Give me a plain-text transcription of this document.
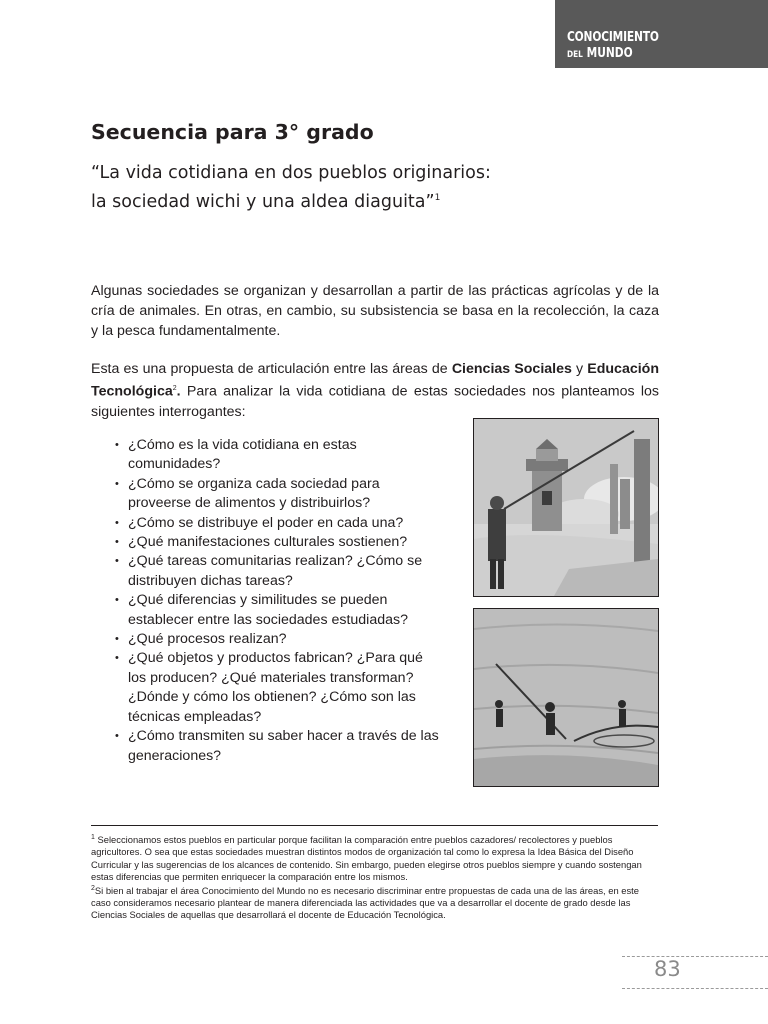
CONOCIMIENTO
DEL MUNDO
Secuencia para 3° grado
“La vida cotidiana en dos pueblos originarios:
la sociedad wichi y una aldea diaguita”$^1$

Algunas sociedades se organizan y desarrollan a partir de las prácticas agrícolas y de la cría de animales. En otras, en cambio, su subsistencia se basa en la recolección, la caza y la pesca fundamentalmente.

Esta es una propuesta de articulación entre las áreas de Ciencias Sociales y Educación Tecnológica$^2$. Para analizar la vida cotidiana de estas sociedades nos planteamos los siguientes interrogantes:

• ¿Cómo es la vida cotidiana en estas comunidades?
• ¿Cómo se organiza cada sociedad para proveerse de alimentos y distribuirlos?
• ¿Cómo se distribuye el poder en cada una?
• ¿Qué manifestaciones culturales sostienen?
• ¿Qué tareas comunitarias realizan? ¿Cómo se distribuyen dichas tareas?
• ¿Qué diferencias y similitudes se pueden establecer entre las sociedades estudiadas?
• ¿Qué procesos realizan?
• ¿Qué objetos y productos fabrican? ¿Para qué los producen? ¿Qué materiales transforman? ¿Dónde y cómo los obtienen? ¿Cómo son las técnicas empleadas?
• ¿Cómo transmiten su saber hacer a través de las generaciones?

$^1$ Seleccionamos estos pueblos en particular porque facilitan la comparación entre pueblos cazadores/ recolectores y pueblos agricultores. O sea que estas sociedades muestran distintos modos de organización tal como lo expresa la Idea Básica del Diseño Curricular y las sugerencias de los alcances de contenido. Sin embargo, pueden elegirse otros pueblos siempre y cuando sostengan estas diferencias que permiten enriquecer la comparación entre los mismos.

$^2$Si bien al trabajar el área Conocimiento del Mundo no es necesario discriminar entre propuestas de cada una de las áreas, en este caso consideramos necesario plantear de manera diferenciada las actividades que va a desarrollar el docente de grado desde las Ciencias Sociales de aquellas que desarrollará el docente de Educación Tecnológica.

83
